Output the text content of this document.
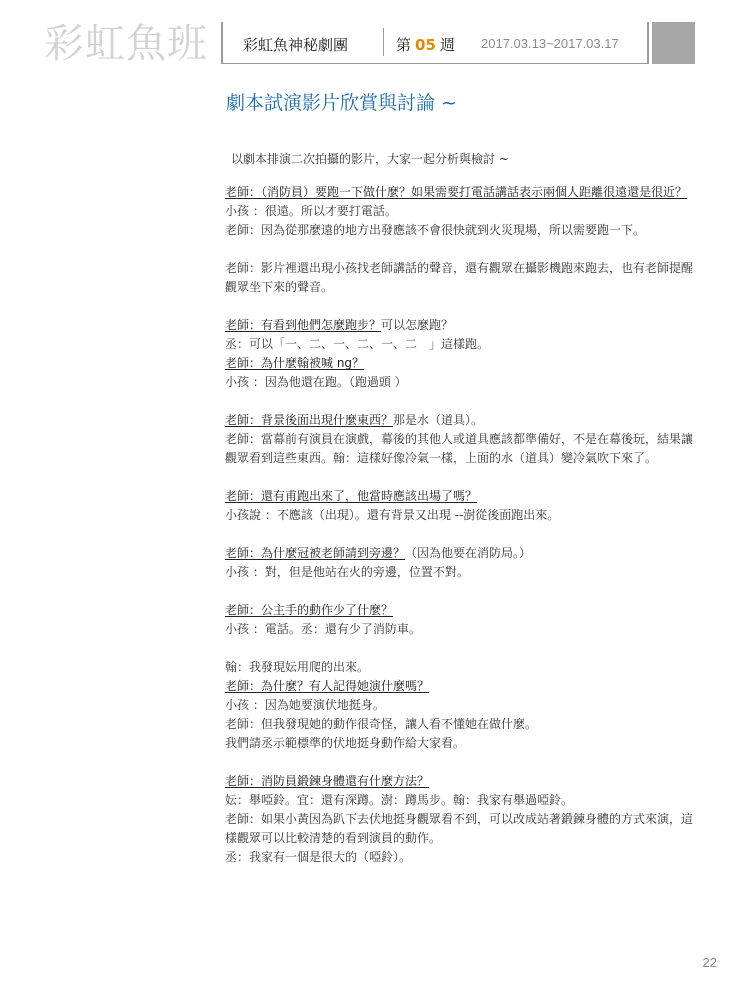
彩虹魚班 彩虹魚神秘劇團	第 05 週 2017.03.13~2017.03.17
劇本試演影片欣賞與討論 ~

以劇本排演二次拍攝的影片，大家一起分析與檢討 ~

老師：（消防員）要跑一下做什麼？如果需要打電話講話表示兩個人距離很遠還是很近？

小孩 ：很遠。所以才要打電話。

老師：因為從那麼遠的地方出發應該不會很快就到火災現場，所以需要跑一下。

老師：影片裡還出現小孩找老師講話的聲音，還有觀眾在攝影機跑來跑去，也有老師提醒觀眾坐下來的聲音。

老師：有看到他們怎麼跑步？可以怎麼跑？

丞：可以「一、二、一、二、一、二　」這樣跑。

老師：為什麼翰被喊 ng？

小孩 ：因為他還在跑。（跑過頭 ）

老師：背景後面出現什麼東西？那是水（道具）。

老師：當幕前有演員在演戲，幕後的其他人或道具應該都準備好，不是在幕後玩，結果讓觀眾看到這些東西。翰：這樣好像冷氣一樣，上面的水（道具）變冷氣吹下來了。

老師：還有甫跑出來了，他當時應該出場了嗎？

小孩說 ：不應該（出現）。還有背景又出現 --澍從後面跑出來。

老師：為什麼冠被老師請到旁邊？（因為他要在消防局。）

小孩 ：對，但是他站在火的旁邊，位置不對。

老師：公主手的動作少了什麼？

小孩 ：電話。丞：還有少了消防車。

翰：我發現妘用爬的出來。

老師：為什麼？有人記得她演什麼嗎？

小孩 ：因為她要演伏地挺身。

老師：但我發現她的動作很奇怪，讓人看不懂她在做什麼。

我們請丞示範標準的伏地挺身動作給大家看。

老師：消防員鍛鍊身體還有什麼方法？

妘：舉啞鈴。宜：還有深蹲。澍：蹲馬步。翰：我家有舉過啞鈴。

老師：如果小黃因為趴下去伏地挺身觀眾看不到，可以改成站著鍛鍊身體的方式來演，這樣觀眾可以比較清楚的看到演員的動作。

丞：我家有一個是很大的（啞鈴）。

22
